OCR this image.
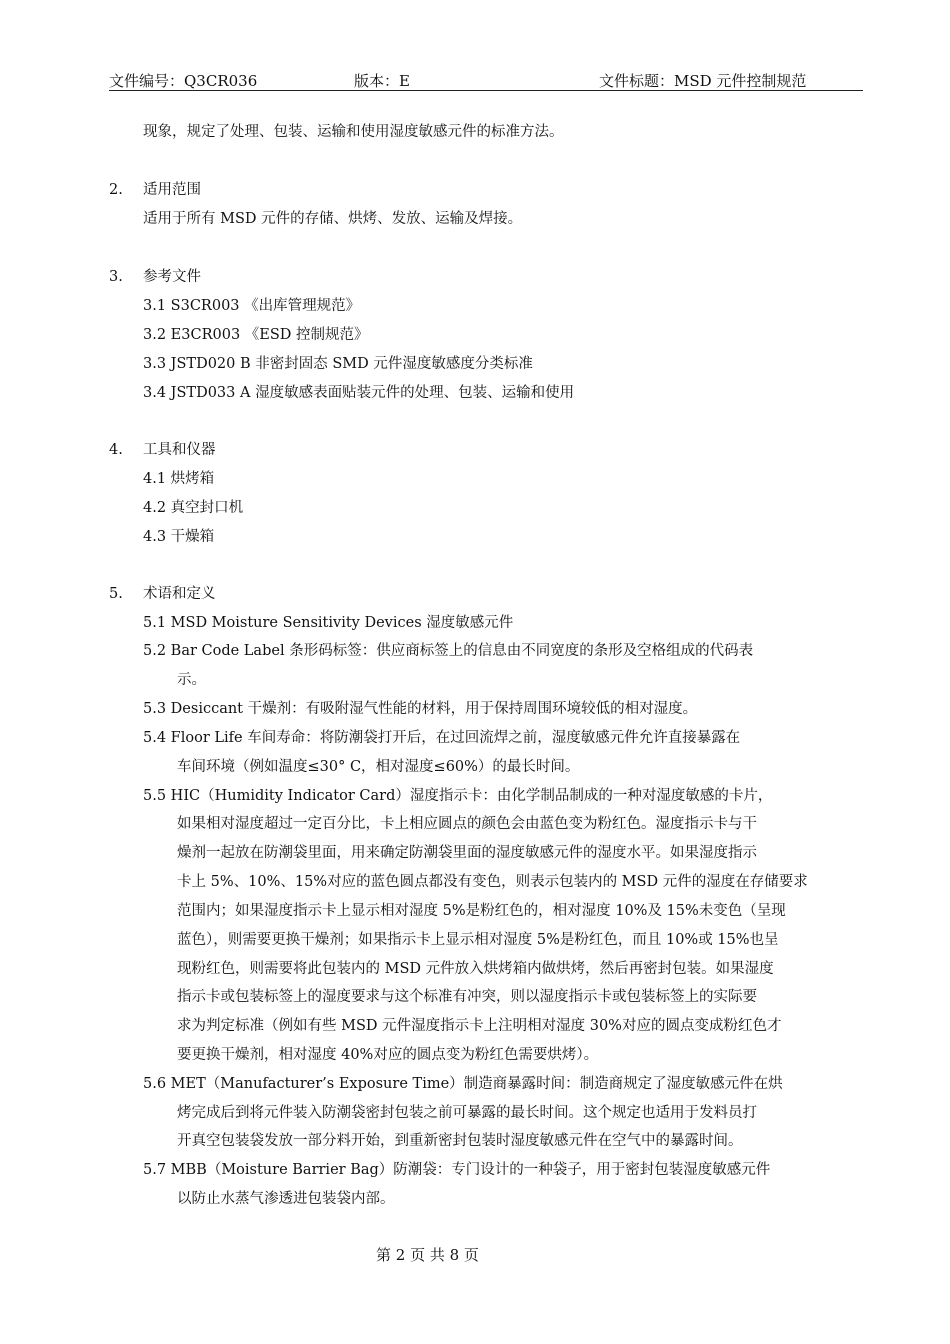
文件编号：Q3CR036	版本：E	文件标题：MSD 元件控制规范
现象，规定了处理、包装、运输和使用湿度敏感元件的标准方法。
2. 适用范围
适用于所有 MSD 元件的存储、烘烤、发放、运输及焊接。
3. 参考文件
3.1 S3CR003 《出库管理规范》
3.2 E3CR003 《ESD 控制规范》
3.3 JSTD020 B 非密封固态 SMD 元件湿度敏感度分类标准
3.4 JSTD033 A 湿度敏感表面贴装元件的处理、包装、运输和使用
4. 工具和仪器
4.1 烘烤箱
4.2 真空封口机
4.3 干燥箱
5. 术语和定义
5.1 MSD Moisture Sensitivity Devices 湿度敏感元件
5.2 Bar Code Label 条形码标签：供应商标签上的信息由不同宽度的条形及空格组成的代码表
示。
5.3 Desiccant 干燥剂：有吸附湿气性能的材料，用于保持周围环境较低的相对湿度。
5.4 Floor Life 车间寿命：将防潮袋打开后，在过回流焊之前，湿度敏感元件允许直接暴露在
车间环境（例如温度≤30° C，相对湿度≤60%）的最长时间。
5.5 HIC（Humidity Indicator Card）湿度指示卡：由化学制品制成的一种对湿度敏感的卡片，
如果相对湿度超过一定百分比，卡上相应圆点的颜色会由蓝色变为粉红色。湿度指示卡与干
燥剂一起放在防潮袋里面，用来确定防潮袋里面的湿度敏感元件的湿度水平。如果湿度指示
卡上 5%、10%、15%对应的蓝色圆点都没有变色，则表示包装内的 MSD 元件的湿度在存储要求
范围内；如果湿度指示卡上显示相对湿度 5%是粉红色的，相对湿度 10%及 15%未变色（呈现
蓝色），则需要更换干燥剂；如果指示卡上显示相对湿度 5%是粉红色，而且 10%或 15%也呈
现粉红色，则需要将此包装内的 MSD 元件放入烘烤箱内做烘烤，然后再密封包装。如果湿度
指示卡或包装标签上的湿度要求与这个标准有冲突，则以湿度指示卡或包装标签上的实际要
求为判定标准（例如有些 MSD 元件湿度指示卡上注明相对湿度 30%对应的圆点变成粉红色才
要更换干燥剂，相对湿度 40%对应的圆点变为粉红色需要烘烤）。
5.6 MET（Manufacturer’s Exposure Time）制造商暴露时间：制造商规定了湿度敏感元件在烘
烤完成后到将元件装入防潮袋密封包装之前可暴露的最长时间。这个规定也适用于发料员打
开真空包装袋发放一部分料开始，到重新密封包装时湿度敏感元件在空气中的暴露时间。
5.7 MBB（Moisture Barrier Bag）防潮袋：专门设计的一种袋子，用于密封包装湿度敏感元件
以防止水蒸气渗透进包装袋内部。
第 2 页 共 8 页
